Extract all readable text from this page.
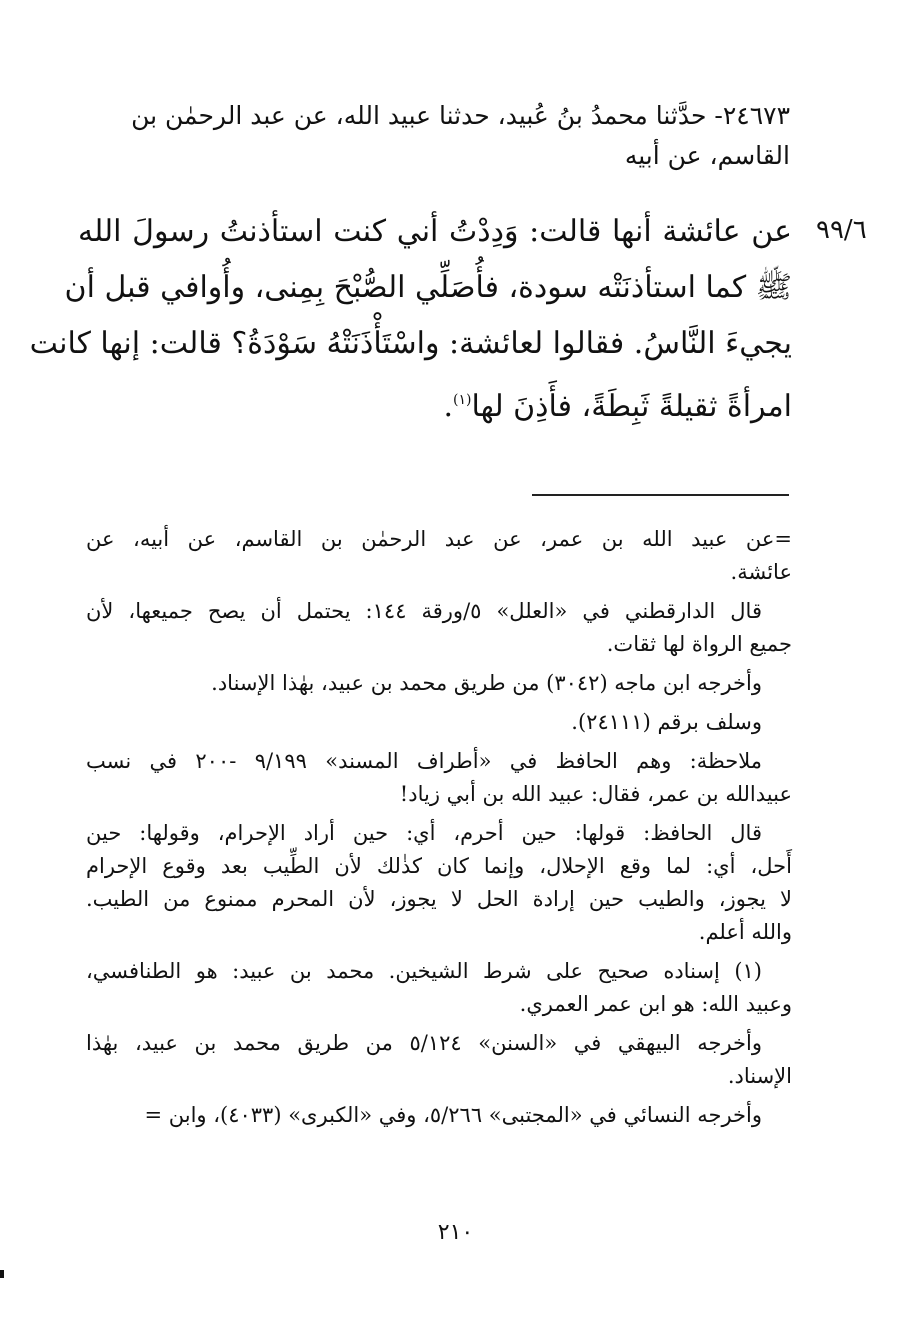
٢٤٦٧٣- حدَّثنا محمدُ بنُ عُبيد، حدثنا عبيد الله، عن عبد الرحمٰن بن
القاسم، عن أبيه
٩٩/٦
عن عائشة أنها قالت: وَدِدْتُ أني كنت استأذنتُ رسولَ الله
ﷺ كما استأذنَتْه سودة، فأُصَلِّي الصُّبْحَ بِمِنى، وأُوافي قبل أن
يجيءَ النَّاسُ. فقالوا لعائشة: واسْتَأْذَنَتْهُ سَوْدَةُ؟ قالت: إنها كانت
امرأةً ثقيلةً ثَبِطَةً، فأَذِنَ لها$^{(١)}$.
=عن عبيد الله بن عمر، عن عبد الرحمٰن بن القاسم، عن أبيه، عن
عائشة.
قال الدارقطني في «العلل» ٥/ورقة ١٤٤: يحتمل أن يصح جميعها، لأن
جميع الرواة لها ثقات.
وأخرجه ابن ماجه (٣٠٤٢) من طريق محمد بن عبيد، بهٰذا الإسناد.
وسلف برقم (٢٤١١١).
ملاحظة: وهم الحافظ في «أطراف المسند» ٩/١٩٩ -٢٠٠ في نسب
عبيدالله بن عمر، فقال: عبيد الله بن أبي زياد!
قال الحافظ: قولها: حين أحرم، أي: حين أراد الإحرام، وقولها: حين
أَحل، أي: لما وقع الإحلال، وإنما كان كذٰلك لأن الطِّيب بعد وقوع الإحرام
لا يجوز، والطيب حين إرادة الحل لا يجوز، لأن المحرم ممنوع من الطيب.
والله أعلم.
(١) إسناده صحيح على شرط الشيخين. محمد بن عبيد: هو الطنافسي،
وعبيد الله: هو ابن عمر العمري.
وأخرجه البيهقي في «السنن» ٥/١٢٤ من طريق محمد بن عبيد، بهٰذا
الإسناد.
وأخرجه النسائي في «المجتبى» ٥/٢٦٦، وفي «الكبرى» (٤٠٣٣)، وابن =
٢١٠
